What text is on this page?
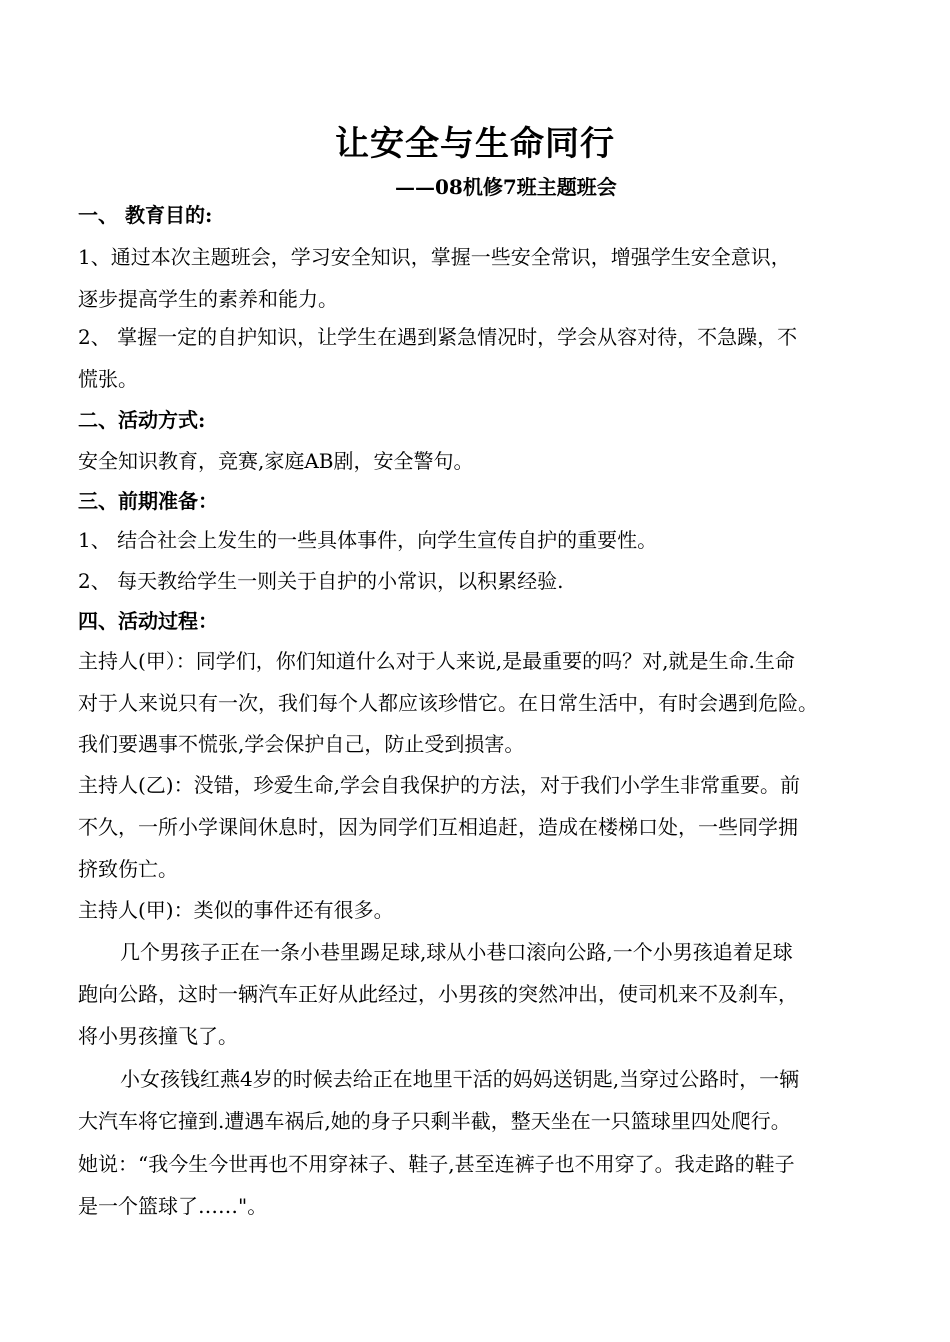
让安全与生命同行
——08机修7班主题班会
一、 教育目的:
1、通过本次主题班会，学习安全知识，掌握一些安全常识，增强学生安全意识，
逐步提高学生的素养和能力。
2、 掌握一定的自护知识，让学生在遇到紧急情况时，学会从容对待，不急躁，不
慌张。
二、活动方式:
安全知识教育，竞赛,家庭AB剧，安全警句。
三、前期准备：
1、 结合社会上发生的一些具体事件，向学生宣传自护的重要性。
2、 每天教给学生一则关于自护的小常识，以积累经验.
四、活动过程：
主持人(甲）：同学们，你们知道什么对于人来说,是最重要的吗？对,就是生命.生命
对于人来说只有一次，我们每个人都应该珍惜它。在日常生活中，有时会遇到危险。
我们要遇事不慌张,学会保护自己，防止受到损害。
主持人(乙)：没错，珍爱生命,学会自我保护的方法，对于我们小学生非常重要。前
不久，一所小学课间休息时，因为同学们互相追赶，造成在楼梯口处，一些同学拥
挤致伤亡。
主持人(甲)：类似的事件还有很多。
几个男孩子正在一条小巷里踢足球,球从小巷口滚向公路,一个小男孩追着足球
跑向公路，这时一辆汽车正好从此经过，小男孩的突然冲出，使司机来不及刹车，
将小男孩撞飞了。
小女孩钱红燕4岁的时候去给正在地里干活的妈妈送钥匙,当穿过公路时，一辆
大汽车将它撞到.遭遇车祸后,她的身子只剩半截，整天坐在一只篮球里四处爬行。
她说：“我今生今世再也不用穿袜子、鞋子,甚至连裤子也不用穿了。我走路的鞋子
是一个篮球了……"。
